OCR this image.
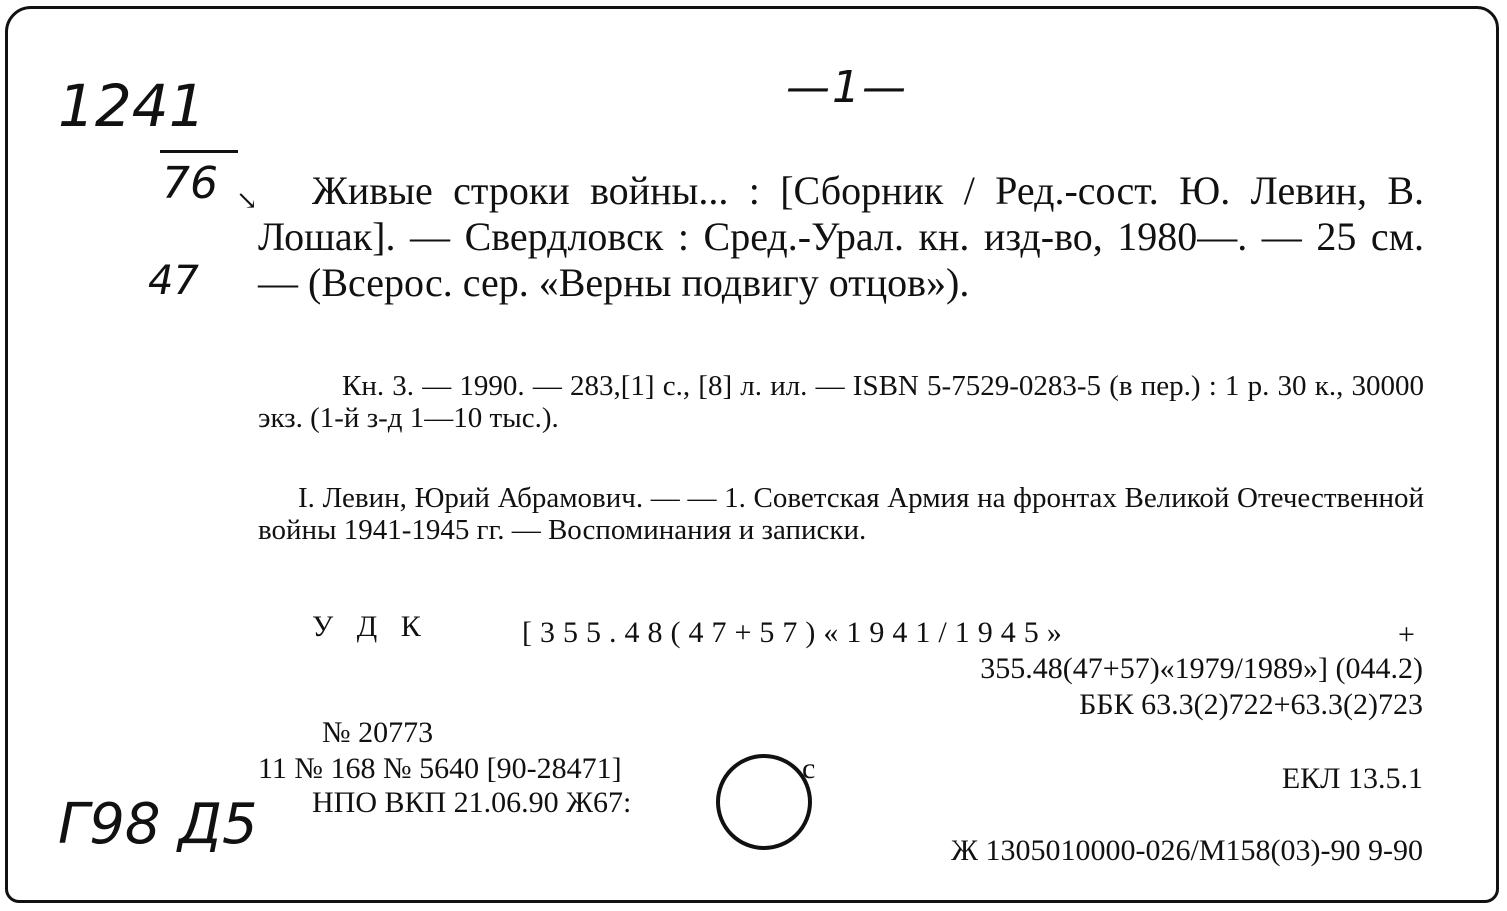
1241
76 ↘
—1—
47
Г98 Д5
Живые строки войны... : [Сборник / Ред.-сост. Ю. Левин, В. Лошак]. — Свердловск : Сред.-Урал. кн. изд-во, 1980—. — 25 см. — (Всерос. сер. «Верны подвигу отцов»).
Кн. 3. — 1990. — 283,[1] с., [8] л. ил. — ISBN 5-7529-0283-5 (в пер.) : 1 р. 30 к., 30000 экз. (1-й з-д 1—10 тыс.).
I. Левин, Юрий Абрамович. — — 1. Советская Армия на фронтах Великой Отечественной войны 1941-1945 гг. — Воспоминания и записки.
У Д К	[355.48(47+57)«1941/1945»	+
355.48(47+57)«1979/1989»] (044.2)
ББК 63.3(2)722+63.3(2)723
№ 20773
11 № 168 № 5640 [90-28471]	с
НПО ВКП 21.06.90 Ж67:
ЕКЛ 13.5.1
Ж 1305010000-026/М158(03)-90 9-90
